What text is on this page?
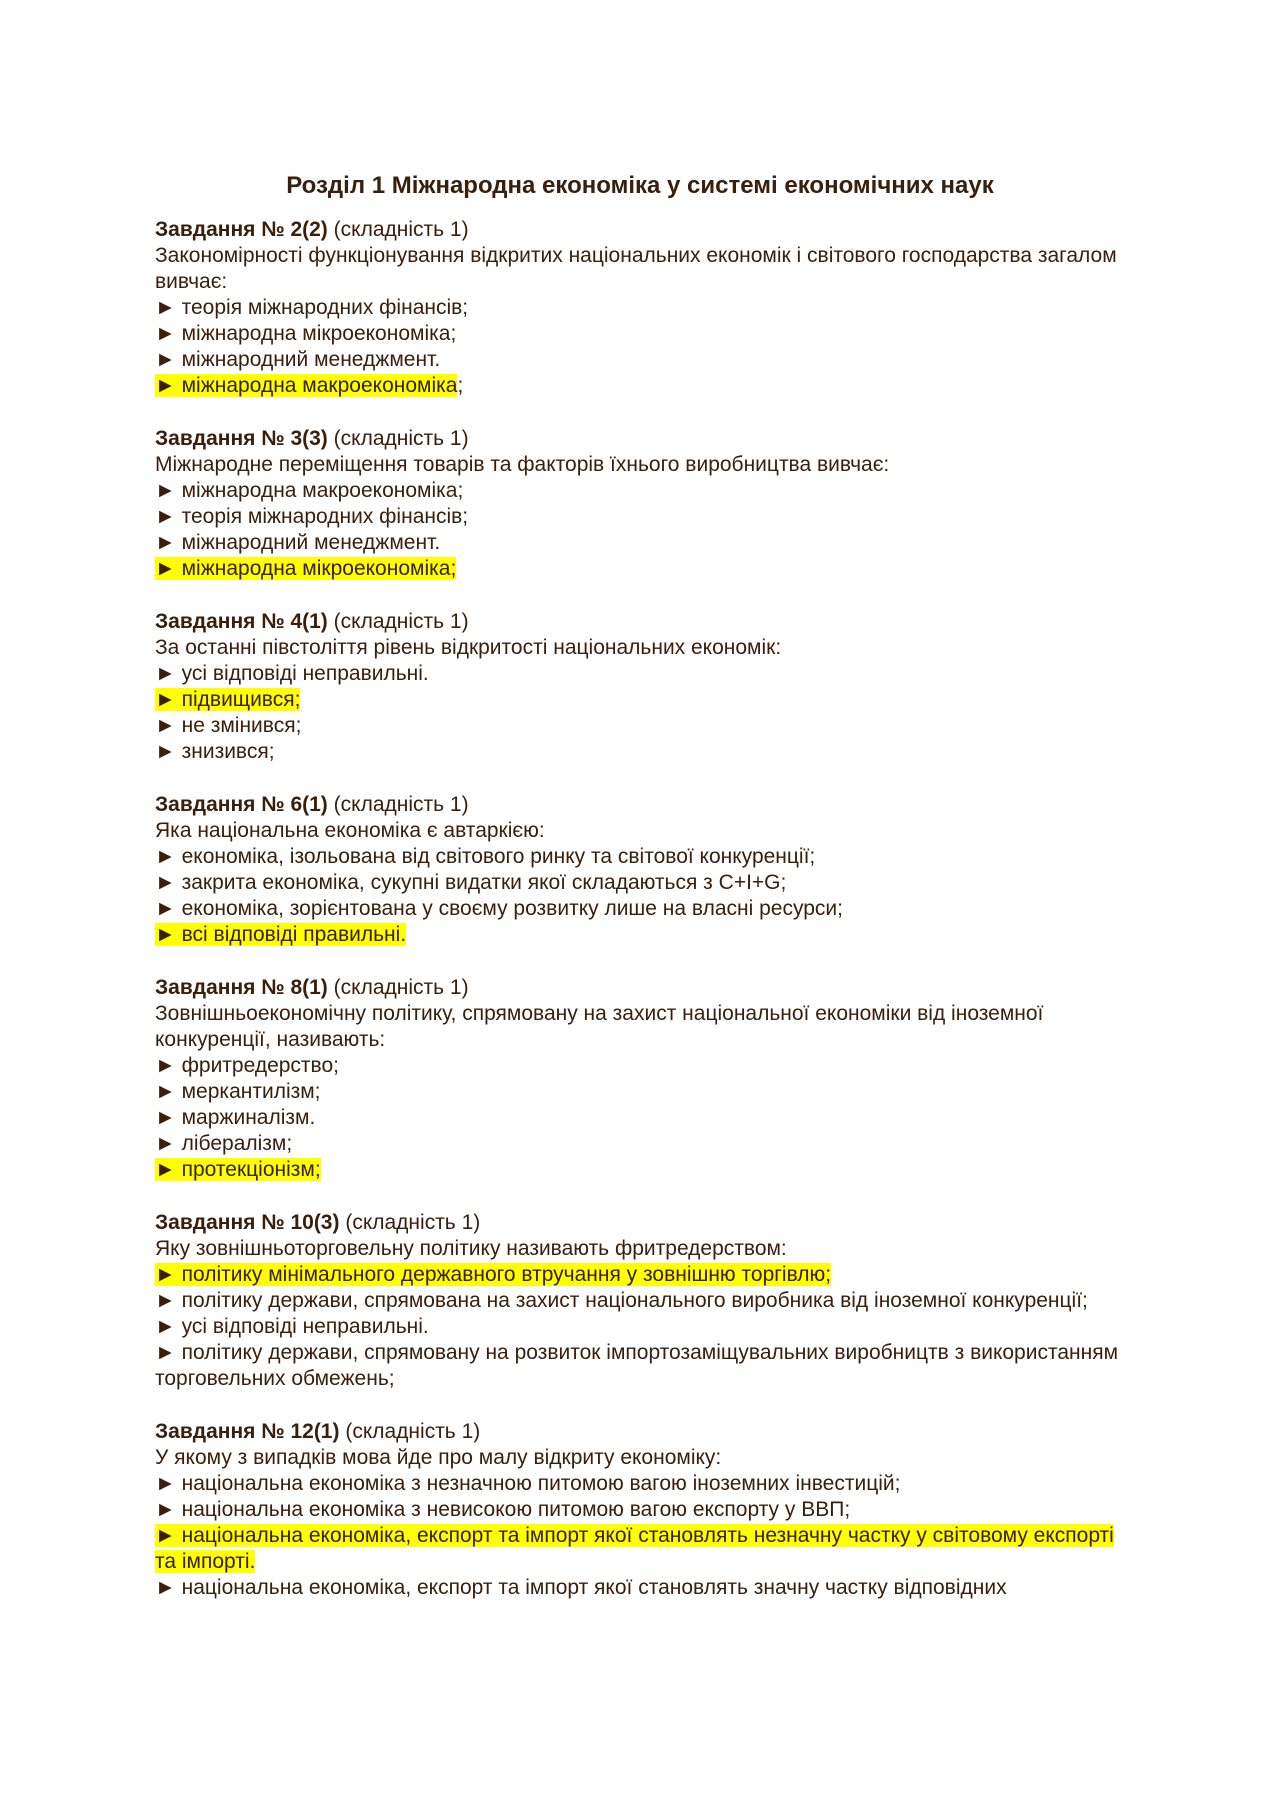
Розділ 1 Міжнародна економіка у системі економічних наук
Завдання № 2(2) (складність 1)
Закономірності функціонування відкритих національних економік і світового господарства загалом вивчає:
► теорія міжнародних фінансів;
► міжнародна мікроекономіка;
► міжнародний менеджмент.
► міжнародна макроекономіка;
Завдання № 3(3) (складність 1)
Міжнародне переміщення товарів та факторів їхнього виробництва вивчає:
► міжнародна макроекономіка;
► теорія міжнародних фінансів;
► міжнародний менеджмент.
► міжнародна мікроекономіка;
Завдання № 4(1) (складність 1)
За останні півстоліття рівень відкритості національних економік:
► усі відповіді неправильні.
► підвищився;
► не змінився;
► знизився;
Завдання № 6(1) (складність 1)
Яка національна економіка є автаркією:
► економіка, ізольована від світового ринку та світової конкуренції;
► закрита економіка, сукупні видатки якої складаються з C+I+G;
► економіка, зорієнтована у своєму розвитку лише на власні ресурси;
► всі відповіді правильні.
Завдання № 8(1) (складність 1)
Зовнішньоекономічну політику, спрямовану на захист національної економіки від іноземної конкуренції, називають:
► фритредерство;
► меркантилізм;
► маржиналізм.
► лібералізм;
► протекціонізм;
Завдання № 10(3) (складність 1)
Яку зовнішньоторговельну політику називають фритредерством:
► політику мінімального державного втручання у зовнішню торгівлю;
► політику держави, спрямована на захист національного виробника від іноземної конкуренції;
► усі відповіді неправильні.
► політику держави, спрямовану на розвиток імпортозаміщувальних виробництв з використанням торговельних обмежень;
Завдання № 12(1) (складність 1)
У якому з випадків мова йде про малу відкриту економіку:
► національна економіка з незначною питомою вагою іноземних інвестицій;
► національна економіка з невисокою питомою вагою експорту у ВВП;
► національна економіка, експорт та імпорт якої становлять незначну частку у світовому експорті та імпорті.
► національна економіка, експорт та імпорт якої становлять значну частку відповідних
